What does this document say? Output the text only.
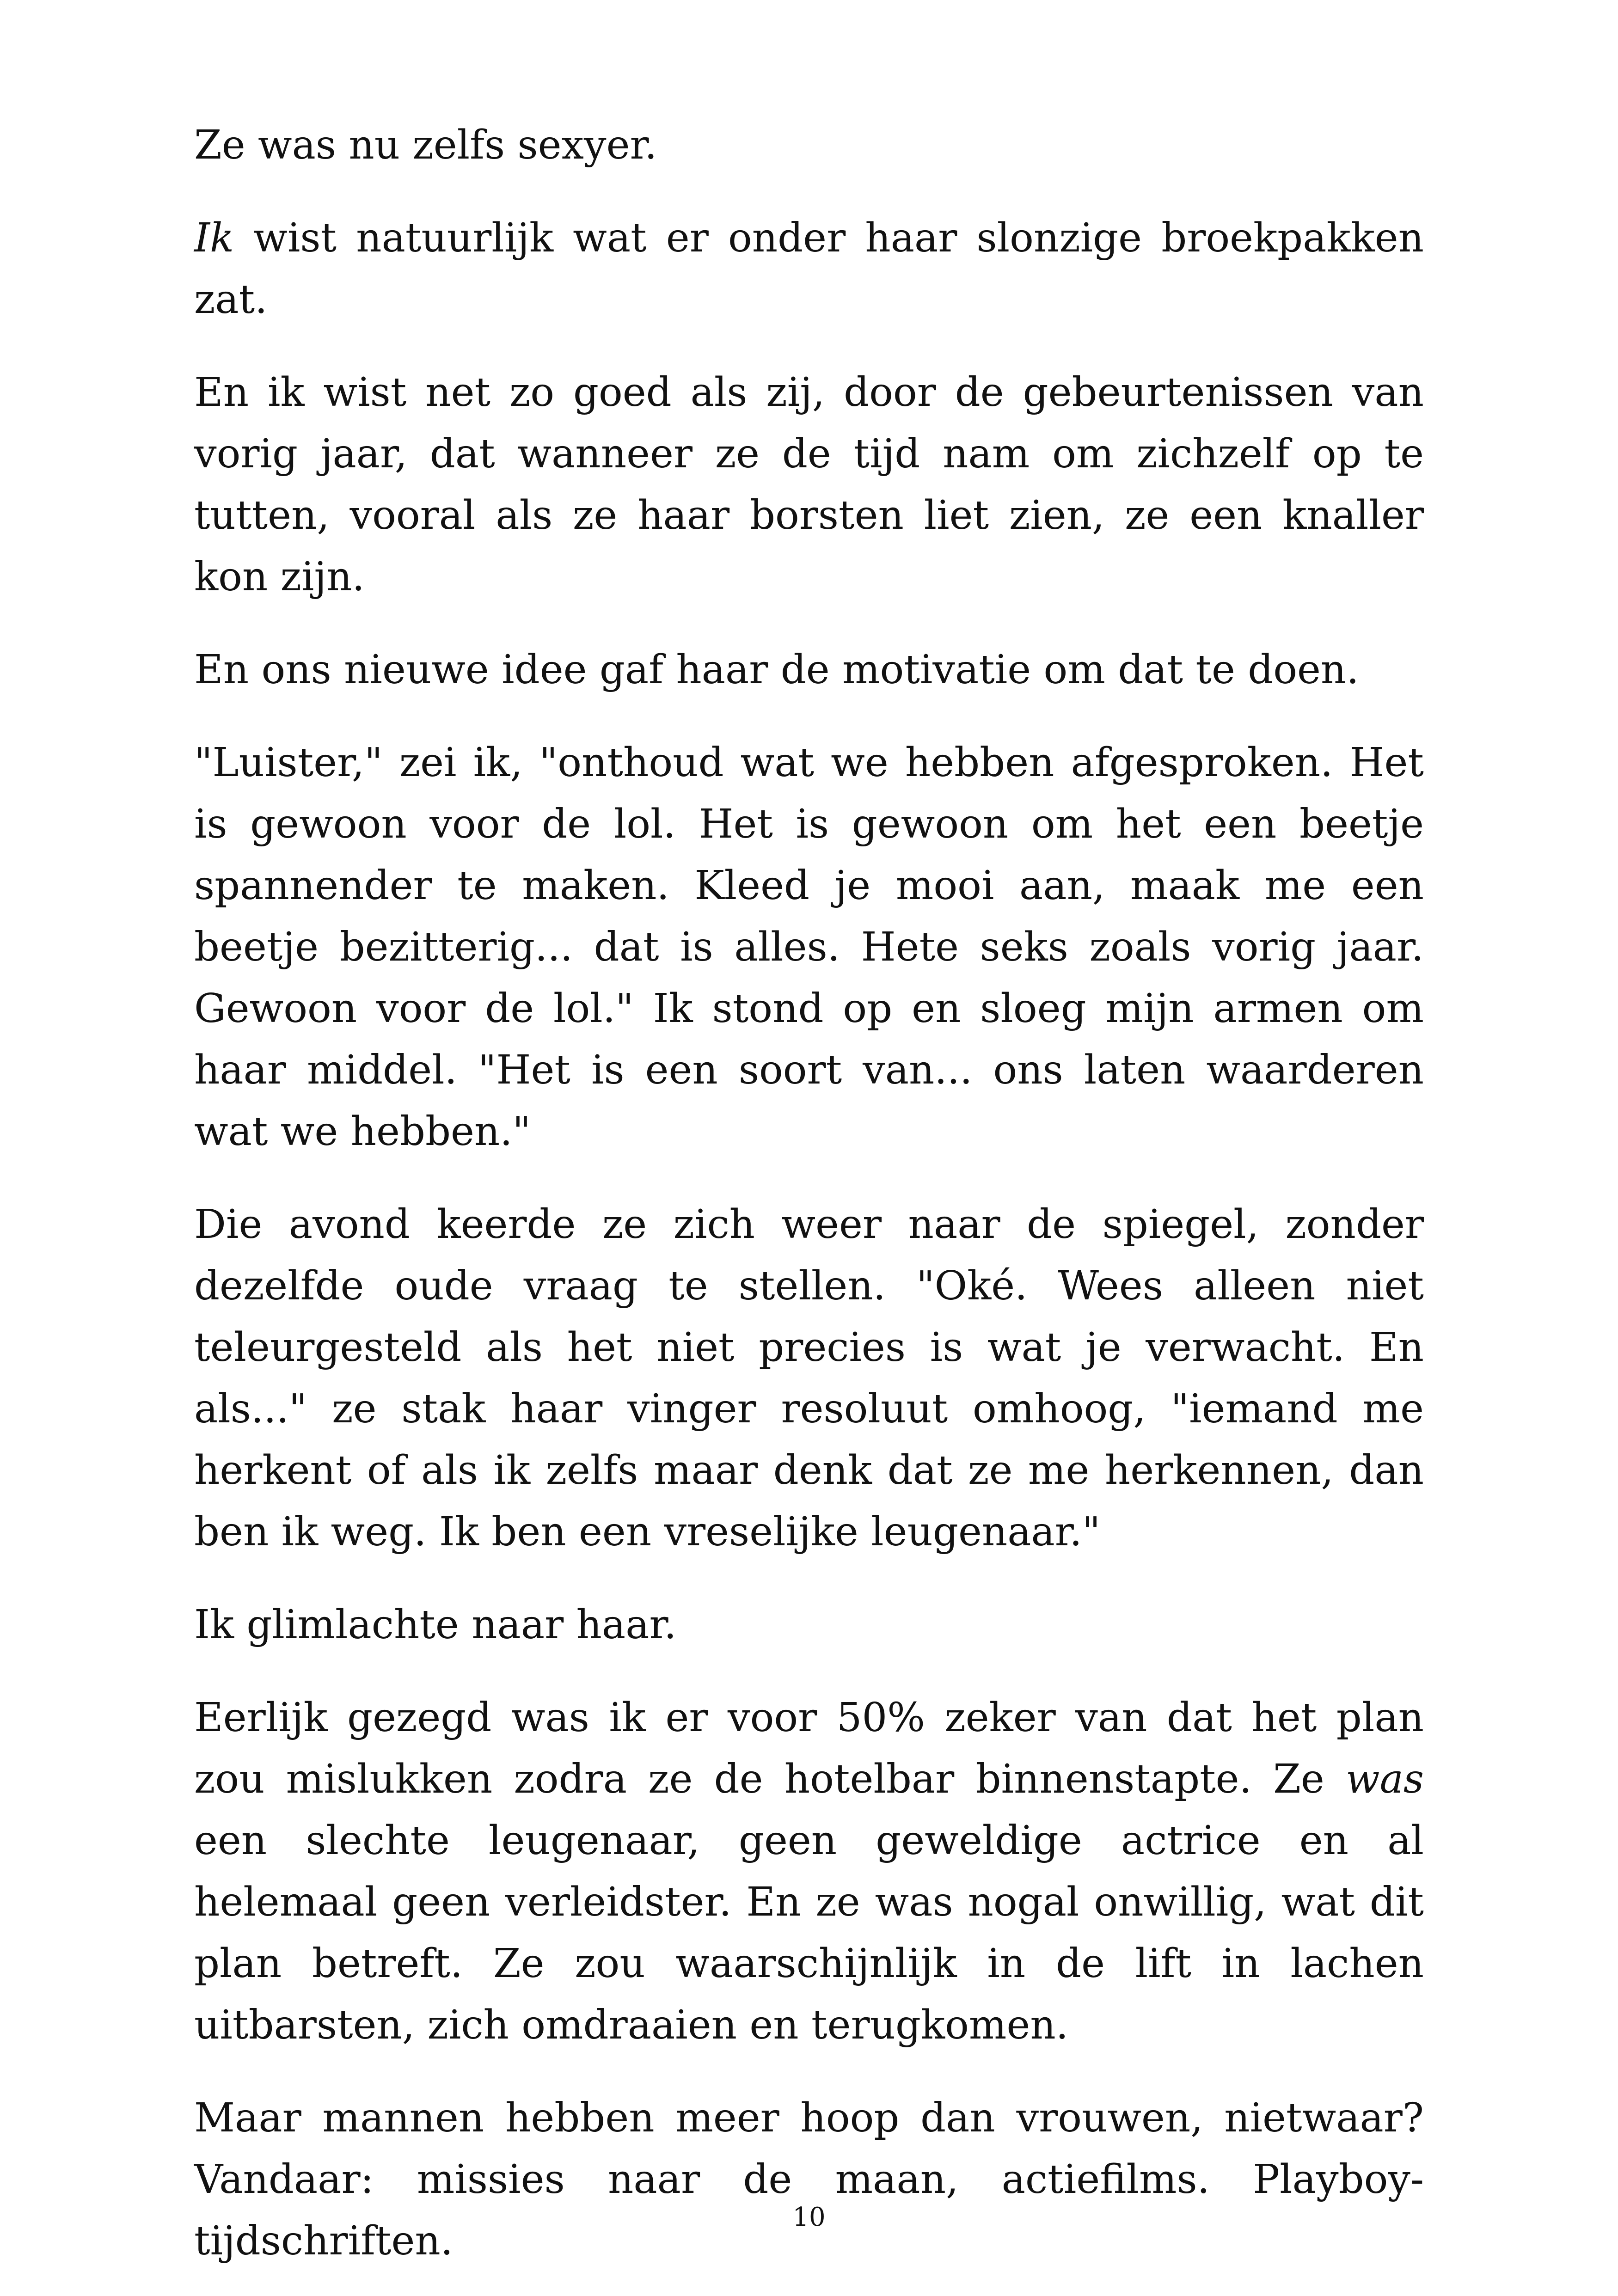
Ze was nu zelfs sexyer.

Ik wist natuurlijk wat er onder haar slonzige broekpakken zat.

En ik wist net zo goed als zij, door de gebeurtenissen van vorig jaar, dat wanneer ze de tijd nam om zichzelf op te tutten, vooral als ze haar borsten liet zien, ze een knaller kon zijn.

En ons nieuwe idee gaf haar de motivatie om dat te doen.

"Luister," zei ik, "onthoud wat we hebben afgesproken. Het is gewoon voor de lol. Het is gewoon om het een beetje spannender te maken. Kleed je mooi aan, maak me een beetje bezitterig... dat is alles. Hete seks zoals vorig jaar. Gewoon voor de lol." Ik stond op en sloeg mijn armen om haar middel. "Het is een soort van... ons laten waarderen wat we hebben."

Die avond keerde ze zich weer naar de spiegel, zonder dezelfde oude vraag te stellen. "Oké. Wees alleen niet teleurgesteld als het niet precies is wat je verwacht. En als..." ze stak haar vinger resoluut omhoog, "iemand me herkent of als ik zelfs maar denk dat ze me herkennen, dan ben ik weg. Ik ben een vreselijke leugenaar."

Ik glimlachte naar haar.

Eerlijk gezegd was ik er voor 50% zeker van dat het plan zou mislukken zodra ze de hotelbar binnenstapte. Ze was een slechte leugenaar, geen geweldige actrice en al helemaal geen verleidster. En ze was nogal onwillig, wat dit plan betreft. Ze zou waarschijnlijk in de lift in lachen uitbarsten, zich omdraaien en terugkomen.

Maar mannen hebben meer hoop dan vrouwen, nietwaar? Vandaar: missies naar de maan, actiefilms. Playboy-tijdschriften.

10
